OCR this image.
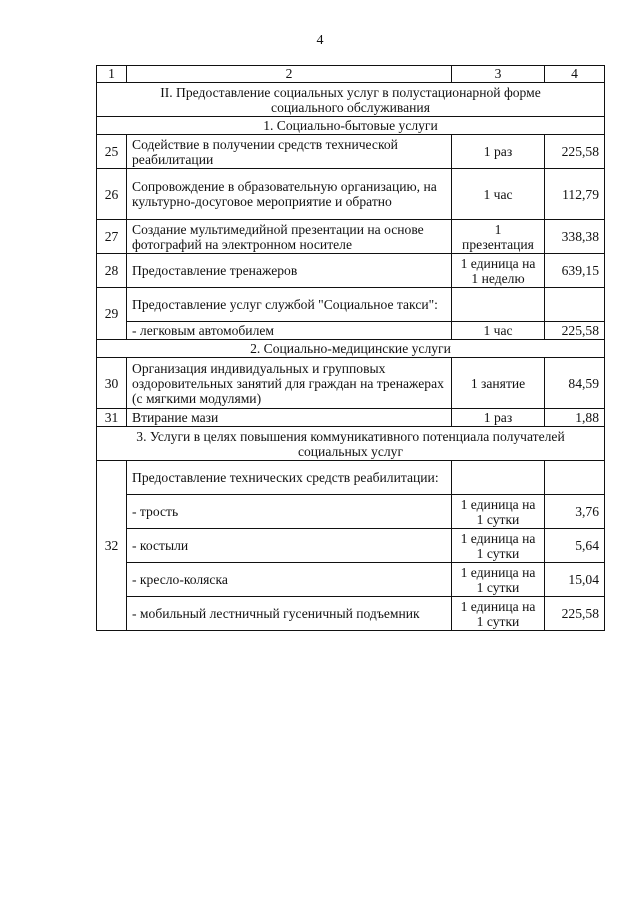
4
1	2	3	4
II. Предоставление социальных услуг в полустационарной форме социального обслуживания			
1. Социально-бытовые услуги			
25	Содействие в получении средств технической реабилитации	1 раз	225,58
26	Сопровождение в образовательную организацию, на культурно-досуговое мероприятие и обратно	1 час	112,79
27	Создание мультимедийной презентации на основе фотографий на электронном носителе	1 презентация	338,38
28	Предоставление тренажеров	1 единица на 1 неделю	639,15
29	Предоставление услуг службой "Социальное такси":		
	- легковым автомобилем	1 час	225,58
2. Социально-медицинские услуги			
30	Организация индивидуальных и групповых оздоровительных занятий для граждан на тренажерах (с мягкими модулями)	1 занятие	84,59
31	Втирание мази	1 раз	1,88
3. Услуги в целях повышения коммуникативного потенциала получателей социальных услуг			
32	Предоставление технических средств реабилитации:		
	- трость	1 единица на 1 сутки	3,76
	- костыли	1 единица на 1 сутки	5,64
	- кресло-коляска	1 единица на 1 сутки	15,04
	- мобильный лестничный гусеничный подъемник	1 единица на 1 сутки	225,58
